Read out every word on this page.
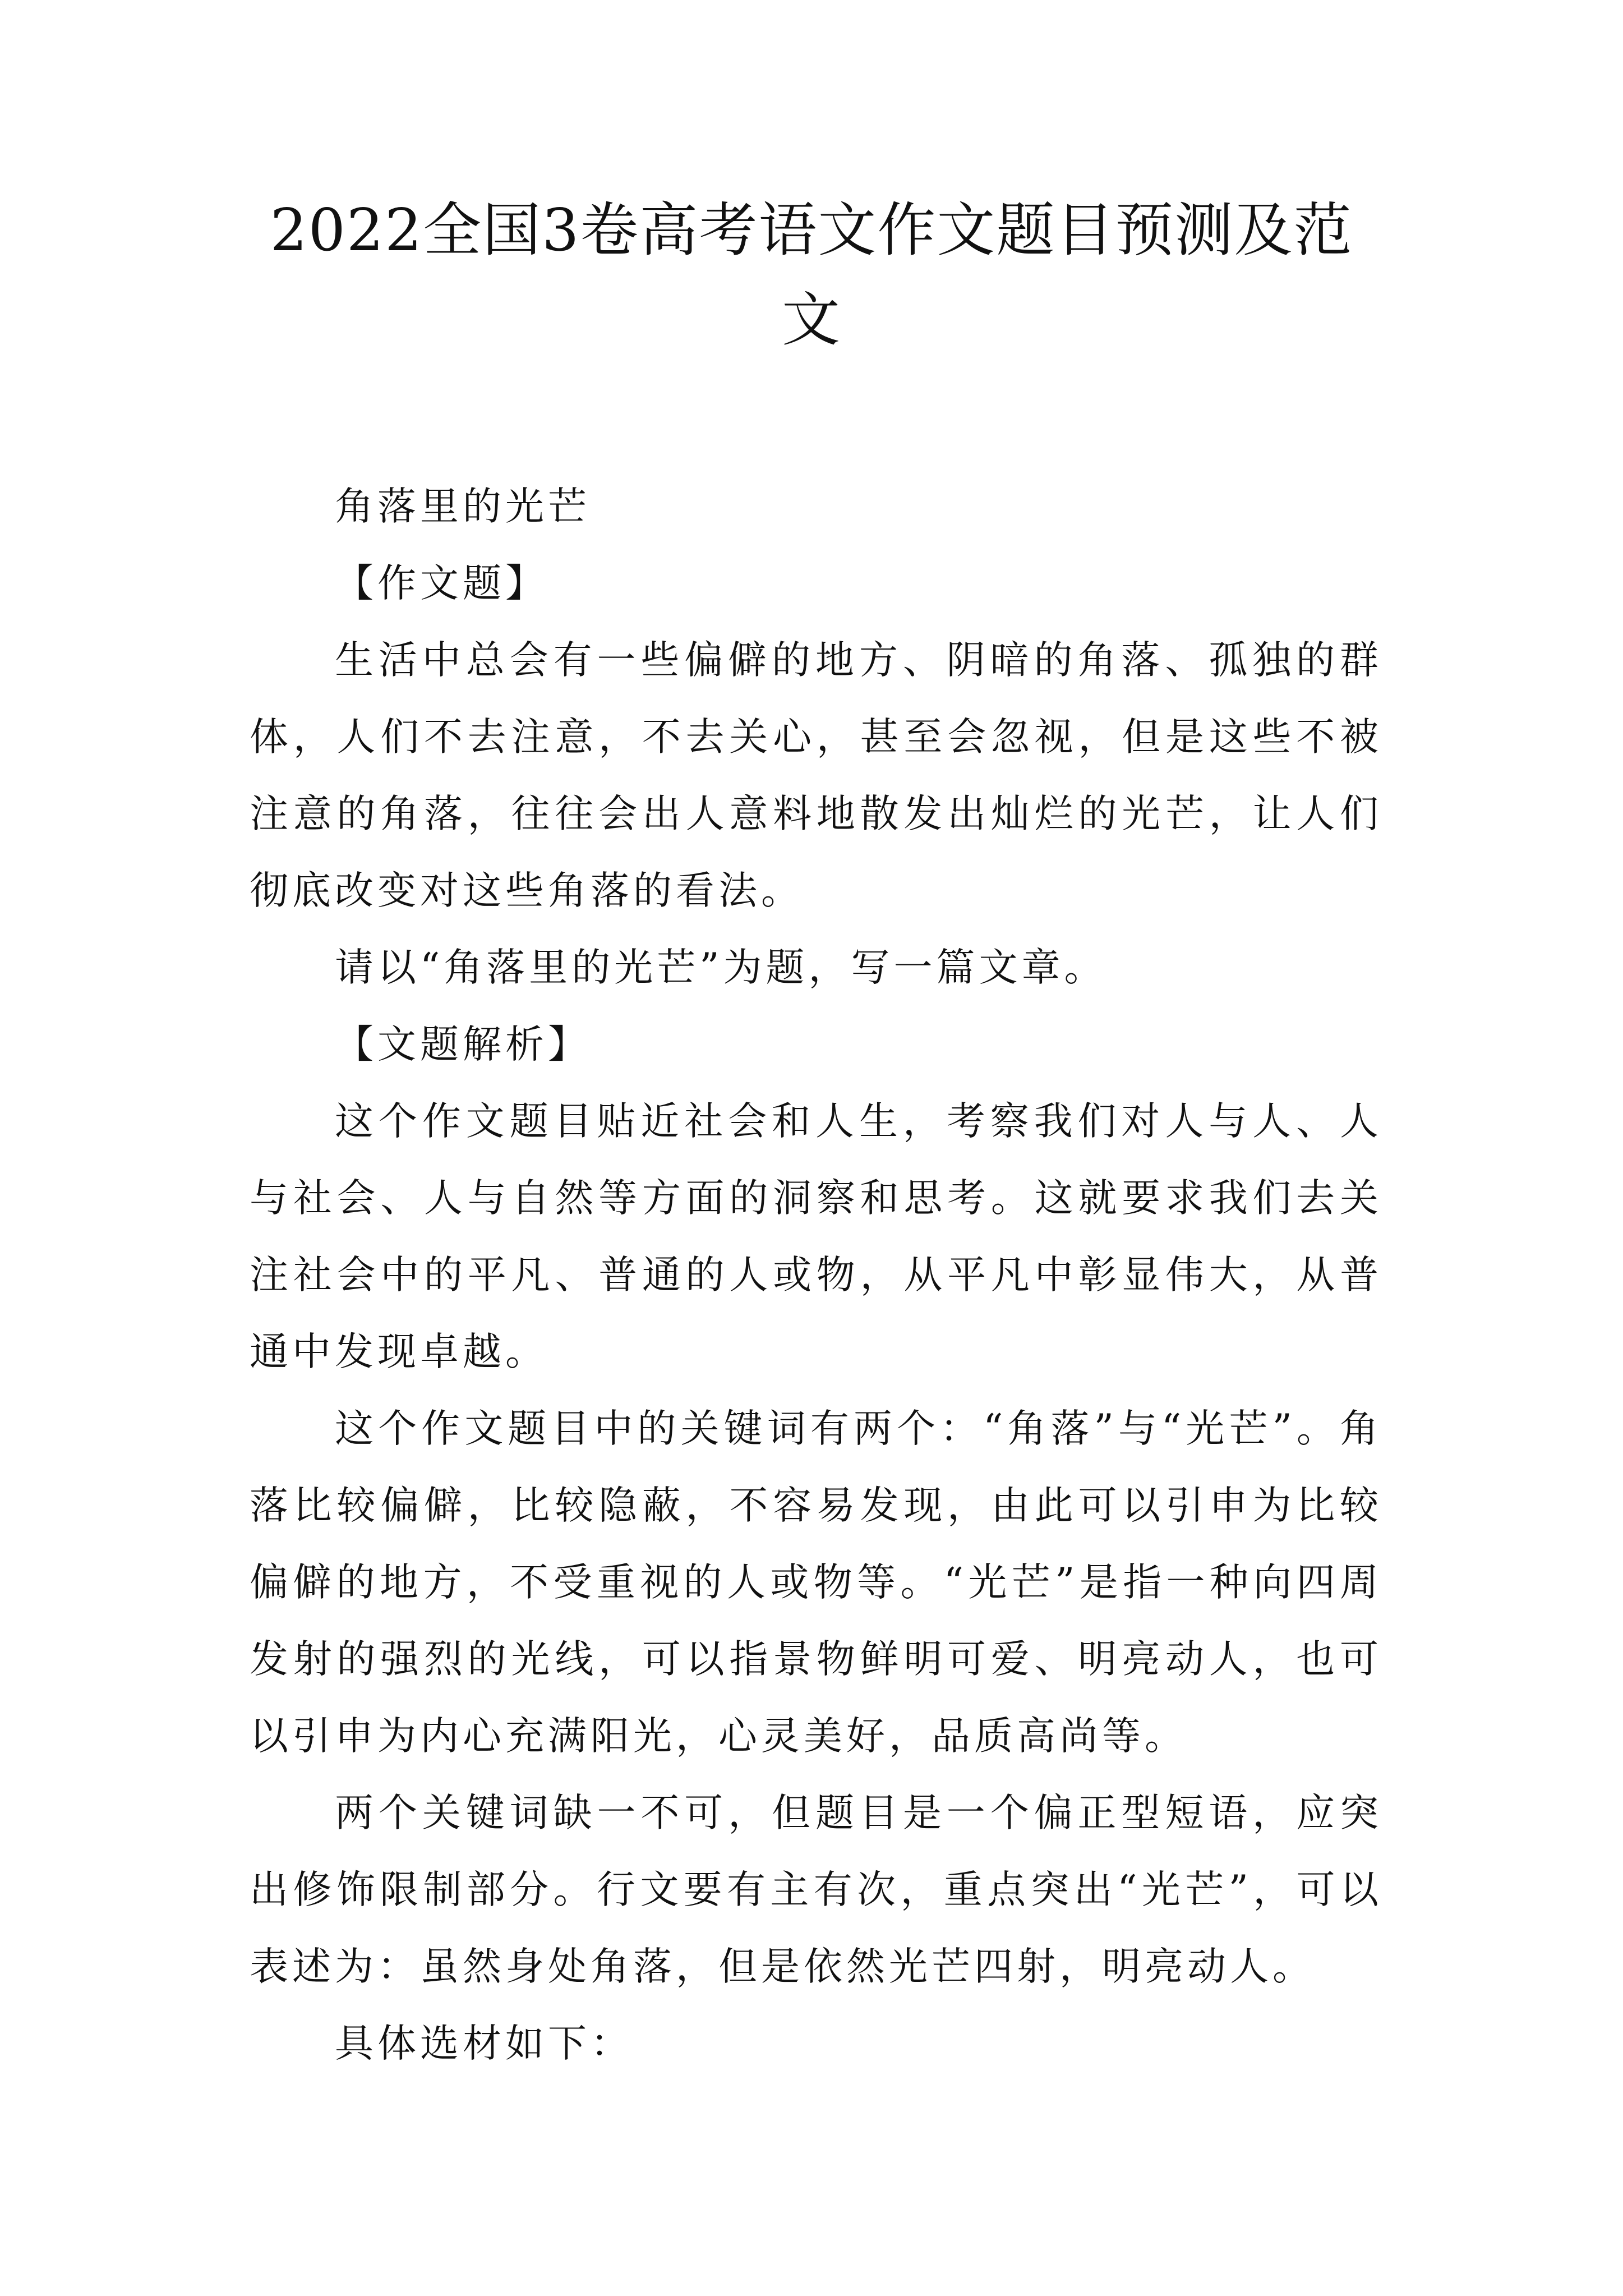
2022全国3卷高考语文作文题目预测及范
文

角落里的光芒

【作文题】

生活中总会有一些偏僻的地方、阴暗的角落、孤独的群体，人们不去注意，不去关心，甚至会忽视，但是这些不被注意的角落，往往会出人意料地散发出灿烂的光芒，让人们彻底改变对这些角落的看法。

请以“角落里的光芒”为题，写一篇文章。

【文题解析】

这个作文题目贴近社会和人生，考察我们对人与人、人与社会、人与自然等方面的洞察和思考。这就要求我们去关注社会中的平凡、普通的人或物，从平凡中彰显伟大，从普通中发现卓越。

这个作文题目中的关键词有两个：“角落”与“光芒”。角落比较偏僻，比较隐蔽，不容易发现，由此可以引申为比较偏僻的地方，不受重视的人或物等。“光芒”是指一种向四周发射的强烈的光线，可以指景物鲜明可爱、明亮动人，也可以引申为内心充满阳光，心灵美好，品质高尚等。

两个关键词缺一不可，但题目是一个偏正型短语，应突出修饰限制部分。行文要有主有次，重点突出“光芒”，可以表述为：虽然身处角落，但是依然光芒四射，明亮动人。

具体选材如下：
